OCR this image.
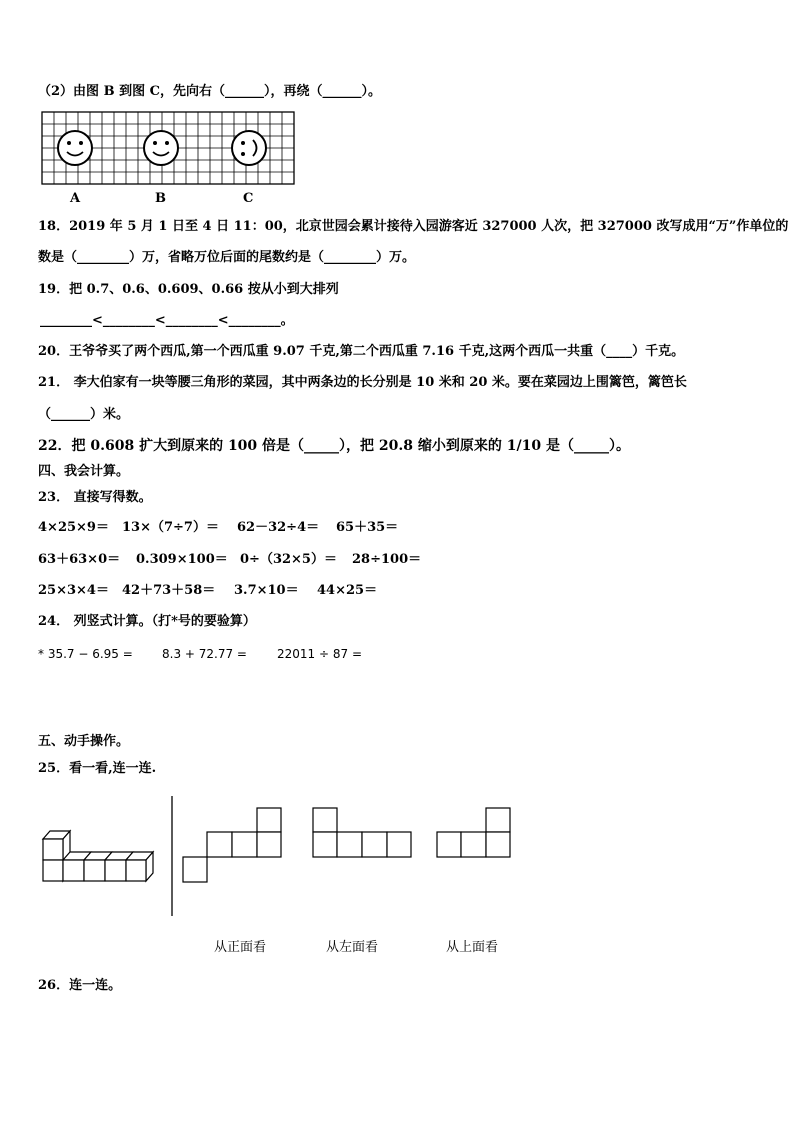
（2）由图 B 到图 C，先向右（______），再绕（______）。
A	B	C
18．2019 年 5 月 1 日至 4 日 11：00，北京世园会累计接待入园游客近 327000 人次，把 327000 改写成用“万”作单位的
数是（________）万，省略万位后面的尾数约是（________）万。
19．把 0.7、0.6、0.609、0.66 按从小到大排列
________<________<________<________。
20．王爷爷买了两个西瓜,第一个西瓜重 9.07 千克,第二个西瓜重 7.16 千克,这两个西瓜一共重（____）千克。
21． 李大伯家有一块等腰三角形的菜园，其中两条边的长分别是 10 米和 20 米。要在菜园边上围篱笆，篱笆长
（______）米。
22．把 0.608 扩大到原来的 100 倍是（_____），把 20.8 缩小到原来的 1/10 是（_____）。
四、我会计算。
23． 直接写得数。
4×25×9＝ 13×（7÷7）＝ 62－32÷4＝ 65＋35＝
63＋63×0＝ 0.309×100＝ 0÷（32×5）＝ 28÷100＝
25×3×4＝ 42＋73＋58＝ 3.7×10＝ 44×25＝
24． 列竖式计算。（打*号的要验算）
* 35.7 − 6.95 = 8.3 + 72.77 =	22011 ÷ 87 =
五、动手操作。
25．看一看,连一连.
从正面看	从左面看	从上面看
26．连一连。
